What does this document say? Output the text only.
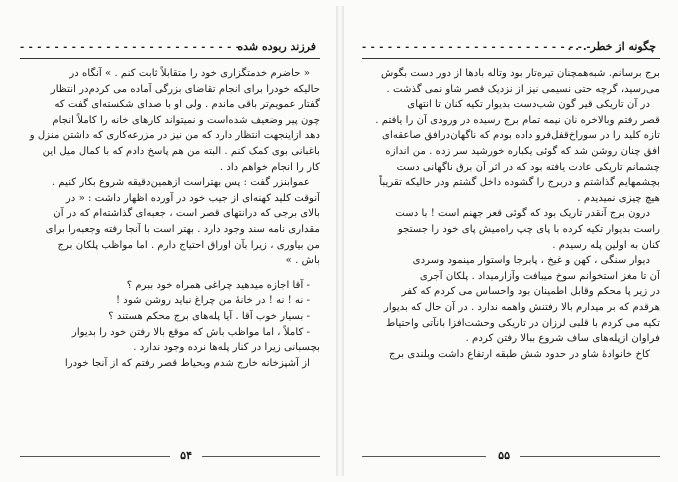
فرزند ربوده شده
- - - - - - - - - - - - - - - - - - - - - - - - - -

« حاضرم خدمتگزاری خود را متقابلاً ثابت کنم . » آنگاه در

حالیکه خودرا برای انجام تقاضای بزرگی آماده می کردم‌در انتظار

گفتار عمویم‌تر باقی ماندم . ولی او با صدای شکسته‌ای گفت که

چون پیر وضعیف شده‌است و نمیتواند کارهای خانه را کاملاً انجام

دهد ازاینجهت انتظار دارد که من نیز در‌ مزرعه‌کاری که داشتن منزل و

باغبانی بوی کمک کنم . البته من هم پاسخ دادم که با کمال میل این

کار را انجام خواهم داد .

عمو‌ابنزر گفت : پس بهتراست ازهمین‌دقیقه شروع بکار کنیم .

آنوقت کلید کهنه‌ای از جیب خود در آورده اظهار داشت : « در

بالای برجی که درانتهای قصر است ، جعبه‌ای گذاشته‌ام که در آن

مقداری نامه سند وجود دارد . بهتر است با آنجا رفته وجعبه‌را برای

من بیاوری ، زیرا بآن اوراق احتیاج دارم . اما مواظب پلکان برج

باش . »

- آقا اجازه میدهید چراغی همراه خود ببرم ؟

- نه ! نه ! در خانهٔ من چراغ نباید روشن شود !

- بسیار خوب آقا . آیا پله‌های برج محکم هستند ؟

- کاملاً ، اما مواظب باش که موقع بالا رفتن خود را بدیوار

بچسبانی زیرا در کنار پله‌ها نرده وجود ندارد .

از آشپزخانه خارج شدم وبحیاط قصر رفتم که از آنجا خودرا

۵۴
چگونه از خطر . . .
- - - - - - - - - - - - - - - - - - - - - - - - - - -

برج برسانم. شبه‌همچنان تیره‌تار بود وتاله بادها از دور دست بگوش

می‌رسید، گرچه حتی نسیمی نیز از نزدیک قصر شاو نمی گذشت .

در آن تاریکی قیر گون شب‌دست بدیوار تکیه کنان تا انتهای

قصر رفتم وبالاخره نان نیمه تمام برج رسیده در ورودی آن را یافتم .

تازه کلید را در سوراخ‌قفل‌فرو داده بودم که ناگهان‌درافق صاعقه‌ای

افق چنان روشن شد که گوئی یکباره خورشید سر زده . من اندازه

چشمانم تاریکی عادت یافته بود که در اثر آن برق ناگهانی دست

بچشمهایم گذاشتم و دربرج را گشوده داخل گشتم ودر حالیکه تقریباً

هیچ چیزی نمیدیدم .

درون برج آنقدر تاریک بود که گوئی قعر جهنم است ! با دست

راست بدیوار تکیه کرده با پای چپ راه‌میش پای خود را جستجو

کنان به اولین پله رسیدم .

دیوار سنگی ، کهن و غیخ ، پابرجا واستوار مینمود وسردی

آن تا مغز استخوانم سوخ میبافت وآزارمیداد . پلکان آجری

در زیر پا محکم وقابل اطمینان بود واحساس می کردم که کفر

هرقدم که بر میدارم بالا رفتنش واهمه ندارد . در آن حال که بدیوار

تکیه می کردم با قلبی لرزان در تاریکی وحشت‌افزا بانآتی واحتیاط

فراوان ازپله‌های ساف شروع ببالا رفتن کردم .

کاخ خانوادهٔ شاو در حدود شش طبقه ارتفاع داشت وبلندی برج

۵۵
